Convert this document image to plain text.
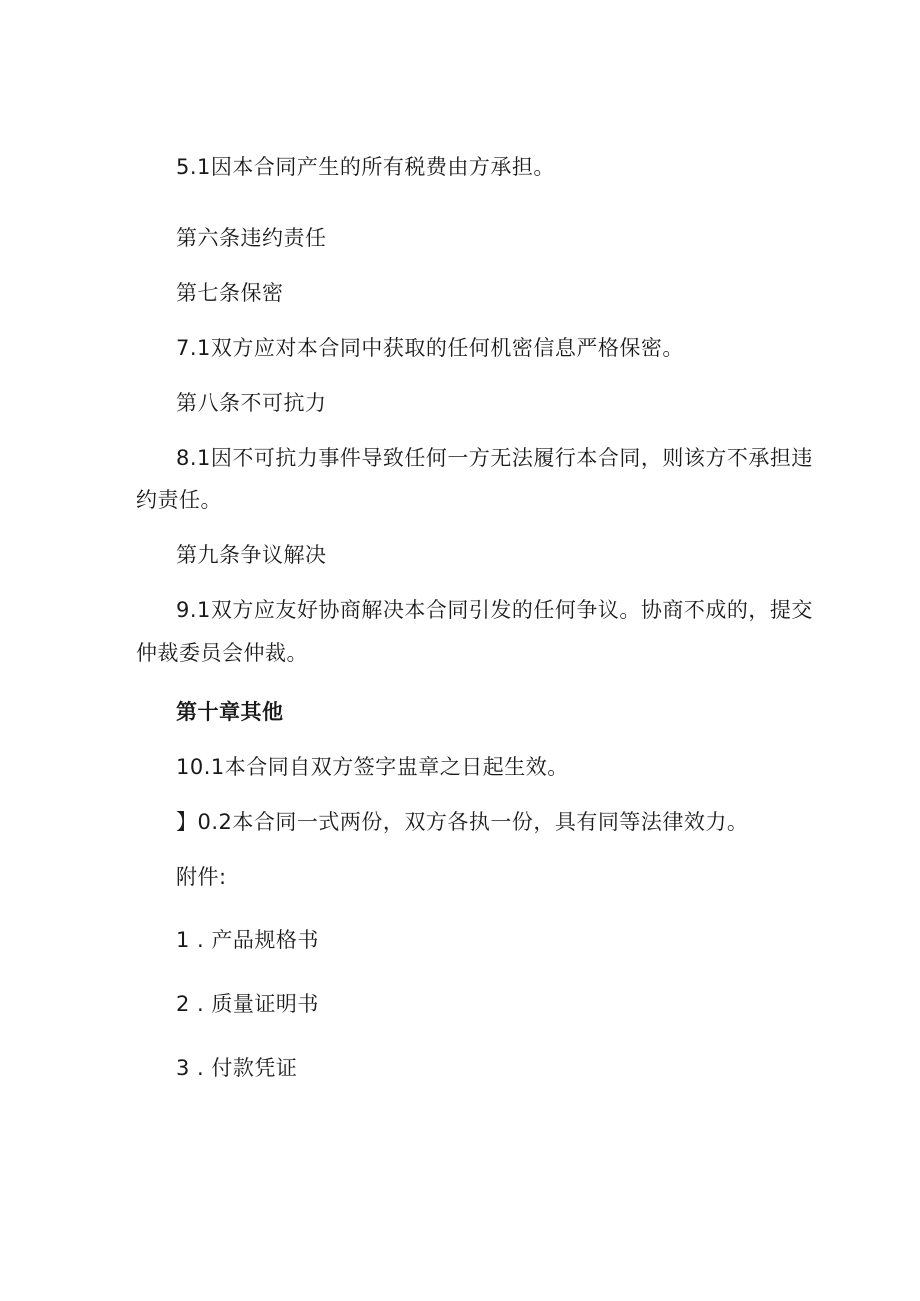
5.1因本合同产生的所有税费由方承担。
第六条违约责任
第七条保密
7.1双方应对本合同中获取的任何机密信息严格保密。
第八条不可抗力
8.1因不可抗力事件导致任何一方无法履行本合同，则该方不承担违
约责任。
第九条争议解决
9.1双方应友好协商解决本合同引发的任何争议。协商不成的，提交
仲裁委员会仲裁。
第十章其他
10.1本合同自双方签字盅章之日起生效。
】0.2本合同一式两份，双方各执一份，具有同等法律效力。
附件:
1 . 产品规格书
2 . 质量证明书
3 . 付款凭证
